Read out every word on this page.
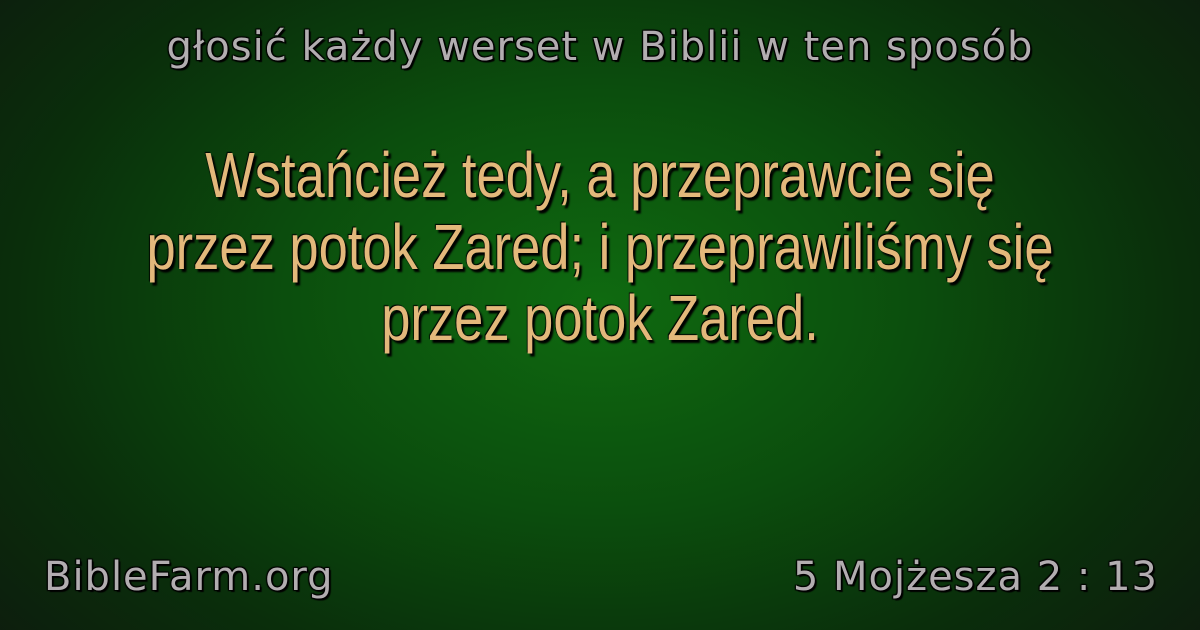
głosić każdy werset w Biblii w ten sposób
Wstańcież tedy, a przeprawcie się przez potok Zared; i przeprawiliśmy się przez potok Zared.
BibleFarm.org	5 Mojżesza 2 : 13
